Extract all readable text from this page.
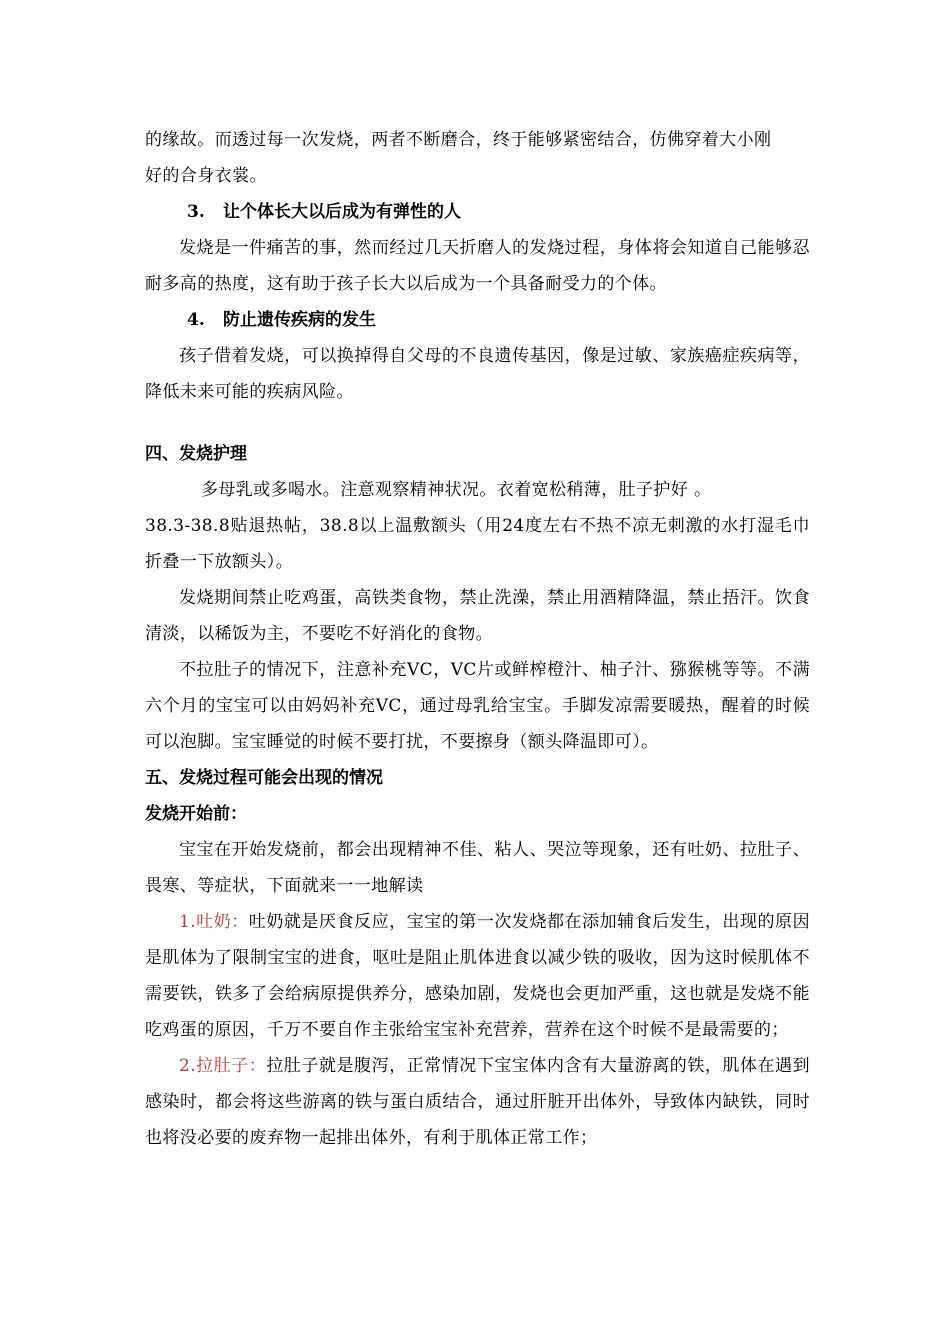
的缘故。而透过每一次发烧，两者不断磨合，终于能够紧密结合，仿佛穿着大小刚

好的合身衣裳。

3. 让个体长大以后成为有弹性的人

发烧是一件痛苦的事，然而经过几天折磨人的发烧过程，身体将会知道自己能够忍耐多高的热度，这有助于孩子长大以后成为一个具备耐受力的个体。

4. 防止遗传疾病的发生

孩子借着发烧，可以换掉得自父母的不良遗传基因，像是过敏、家族癌症疾病等，降低未来可能的疾病风险。

四、发烧护理

多母乳或多喝水。注意观察精神状况。衣着宽松稍薄，肚子护好 。

38.3-38.8贴退热帖，38.8以上温敷额头（用24度左右不热不凉无刺激的水打湿毛巾折叠一下放额头）。

发烧期间禁止吃鸡蛋，高铁类食物，禁止洗澡，禁止用酒精降温，禁止捂汗。饮食清淡，以稀饭为主，不要吃不好消化的食物。

不拉肚子的情况下，注意补充VC，VC片或鲜榨橙汁、柚子汁、猕猴桃等等。不满六个月的宝宝可以由妈妈补充VC，通过母乳给宝宝。手脚发凉需要暖热，醒着的时候可以泡脚。宝宝睡觉的时候不要打扰，不要擦身（额头降温即可）。

五、发烧过程可能会出现的情况

发烧开始前：

宝宝在开始发烧前，都会出现精神不佳、粘人、哭泣等现象，还有吐奶、拉肚子、畏寒、等症状，下面就来一一地解读

1.吐奶：吐奶就是厌食反应，宝宝的第一次发烧都在添加辅食后发生，出现的原因是肌体为了限制宝宝的进食，呕吐是阻止肌体进食以减少铁的吸收，因为这时候肌体不需要铁，铁多了会给病原提供养分，感染加剧，发烧也会更加严重，这也就是发烧不能吃鸡蛋的原因，千万不要自作主张给宝宝补充营养，营养在这个时候不是最需要的；

2.拉肚子：拉肚子就是腹泻，正常情况下宝宝体内含有大量游离的铁，肌体在遇到感染时，都会将这些游离的铁与蛋白质结合，通过肝脏开出体外，导致体内缺铁，同时也将没必要的废弃物一起排出体外，有利于肌体正常工作；
